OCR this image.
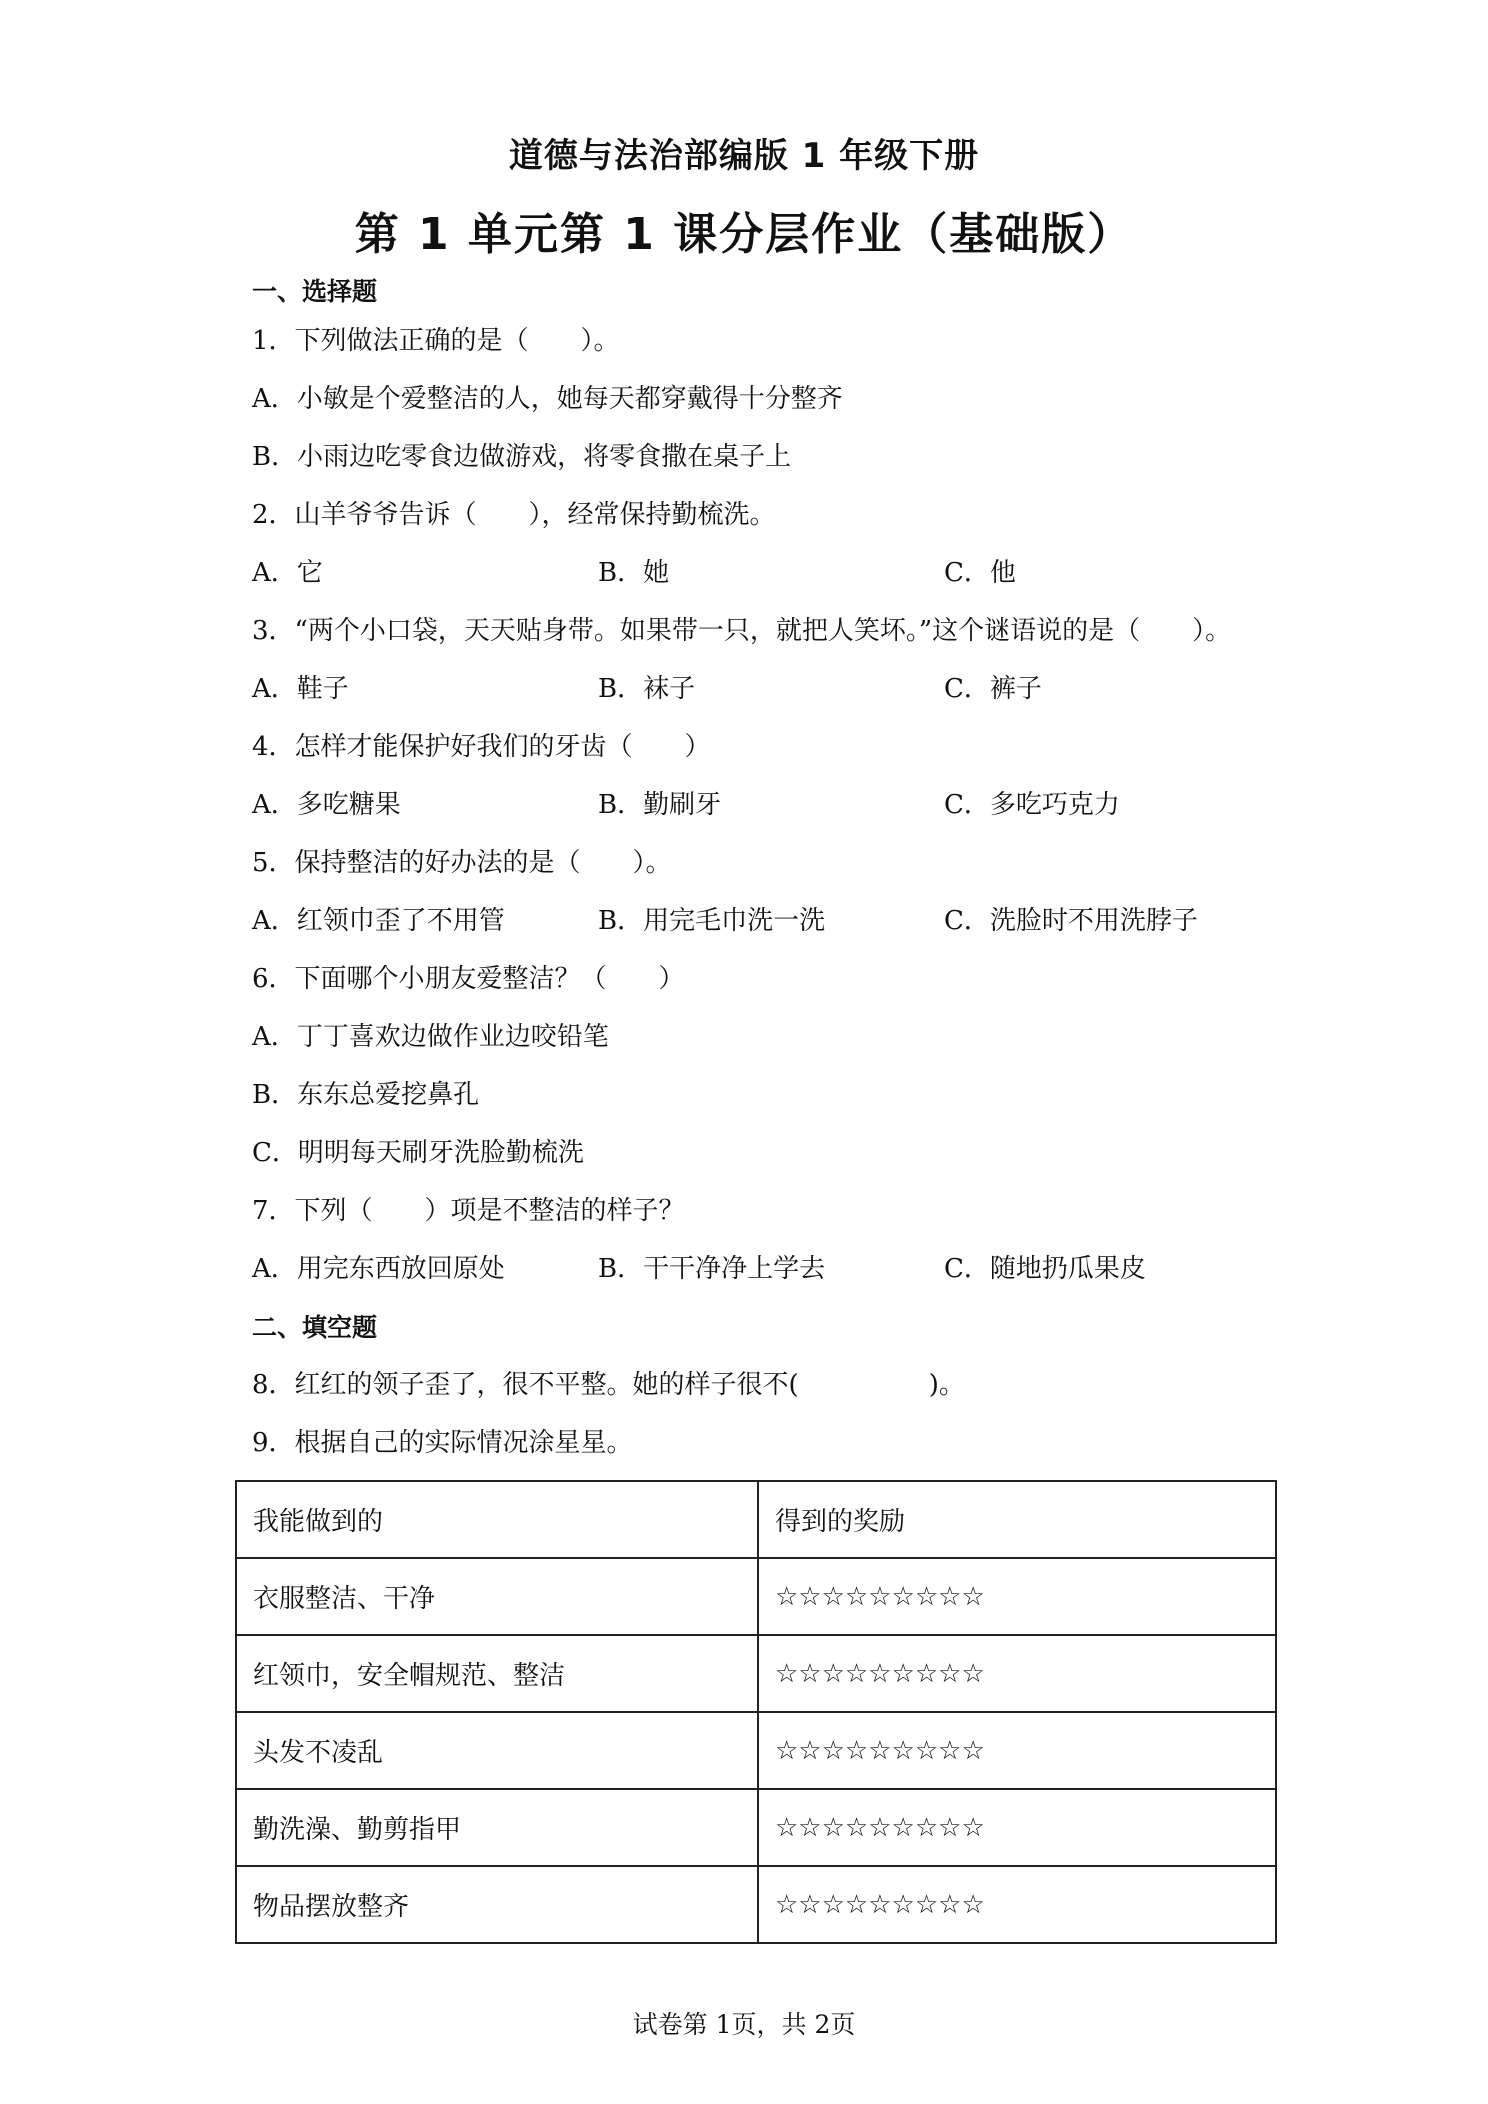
道德与法治部编版 1 年级下册
第 1 单元第 1 课分层作业（基础版）
一、选择题
1．下列做法正确的是（　　）。
A．小敏是个爱整洁的人，她每天都穿戴得十分整齐
B．小雨边吃零食边做游戏，将零食撒在桌子上
2．山羊爷爷告诉（　　），经常保持勤梳洗。
A．它	B．她	C．他
3．“两个小口袋，天天贴身带。如果带一只，就把人笑坏。”这个谜语说的是（　　）。
A．鞋子	B．袜子	C．裤子
4．怎样才能保护好我们的牙齿（　　）
A．多吃糖果	B．勤刷牙	C．多吃巧克力
5．保持整洁的好办法的是（　　）。
A．红领巾歪了不用管	B．用完毛巾洗一洗	C．洗脸时不用洗脖子
6．下面哪个小朋友爱整洁？（　　）
A．丁丁喜欢边做作业边咬铅笔
B．东东总爱挖鼻孔
C．明明每天刷牙洗脸勤梳洗
7．下列（　　）项是不整洁的样子？
A．用完东西放回原处	B．干干净净上学去	C．随地扔瓜果皮
二、填空题
8．红红的领子歪了，很不平整。她的样子很不(	)。
9．根据自己的实际情况涂星星。
我能做到的	得到的奖励
衣服整洁、干净	☆☆☆☆☆☆☆☆☆
红领巾，安全帽规范、整洁	☆☆☆☆☆☆☆☆☆
头发不凌乱	☆☆☆☆☆☆☆☆☆
勤洗澡、勤剪指甲	☆☆☆☆☆☆☆☆☆
物品摆放整齐	☆☆☆☆☆☆☆☆☆
试卷第 1页，共 2页
